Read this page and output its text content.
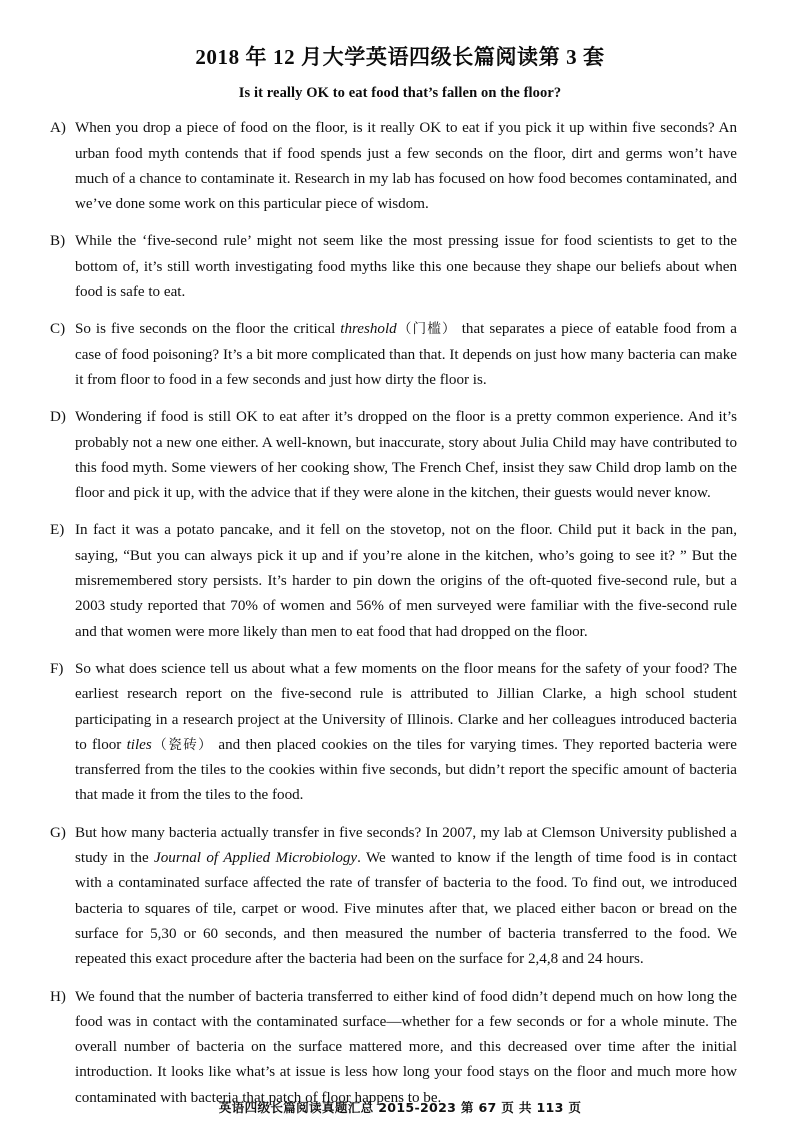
2018 年 12 月大学英语四级长篇阅读第 3 套
Is it really OK to eat food that’s fallen on the floor?
A) When you drop a piece of food on the floor, is it really OK to eat if you pick it up within five seconds? An urban food myth contends that if food spends just a few seconds on the floor, dirt and germs won’t have much of a chance to contaminate it. Research in my lab has focused on how food becomes contaminated, and we’ve done some work on this particular piece of wisdom.
B) While the ‘five-second rule’ might not seem like the most pressing issue for food scientists to get to the bottom of, it’s still worth investigating food myths like this one because they shape our beliefs about when food is safe to eat.
C) So is five seconds on the floor the critical threshold（门槛） that separates a piece of eatable food from a case of food poisoning? It’s a bit more complicated than that. It depends on just how many bacteria can make it from floor to food in a few seconds and just how dirty the floor is.
D) Wondering if food is still OK to eat after it’s dropped on the floor is a pretty common experience. And it’s probably not a new one either. A well-known, but inaccurate, story about Julia Child may have contributed to this food myth. Some viewers of her cooking show, The French Chef, insist they saw Child drop lamb on the floor and pick it up, with the advice that if they were alone in the kitchen, their guests would never know.
E) In fact it was a potato pancake, and it fell on the stovetop, not on the floor. Child put it back in the pan, saying, “But you can always pick it up and if you’re alone in the kitchen, who’s going to see it? ” But the misremembered story persists. It’s harder to pin down the origins of the oft-quoted five-second rule, but a 2003 study reported that 70% of women and 56% of men surveyed were familiar with the five-second rule and that women were more likely than men to eat food that had dropped on the floor.
F) So what does science tell us about what a few moments on the floor means for the safety of your food? The earliest research report on the five-second rule is attributed to Jillian Clarke, a high school student participating in a research project at the University of Illinois. Clarke and her colleagues introduced bacteria to floor tiles（瓷砖） and then placed cookies on the tiles for varying times. They reported bacteria were transferred from the tiles to the cookies within five seconds, but didn’t report the specific amount of bacteria that made it from the tiles to the food.
G) But how many bacteria actually transfer in five seconds? In 2007, my lab at Clemson University published a study in the Journal of Applied Microbiology. We wanted to know if the length of time food is in contact with a contaminated surface affected the rate of transfer of bacteria to the food. To find out, we introduced bacteria to squares of tile, carpet or wood. Five minutes after that, we placed either bacon or bread on the surface for 5,30 or 60 seconds, and then measured the number of bacteria transferred to the food. We repeated this exact procedure after the bacteria had been on the surface for 2,4,8 and 24 hours.
H) We found that the number of bacteria transferred to either kind of food didn’t depend much on how long the food was in contact with the contaminated surface—whether for a few seconds or for a whole minute. The overall number of bacteria on the surface mattered more, and this decreased over time after the initial introduction. It looks like what’s at issue is less how long your food stays on the floor and much more how contaminated with bacteria that patch of floor happens to be.
英语四级长篇阅读真题汇总 2015-2023 第 67 页 共 113 页
